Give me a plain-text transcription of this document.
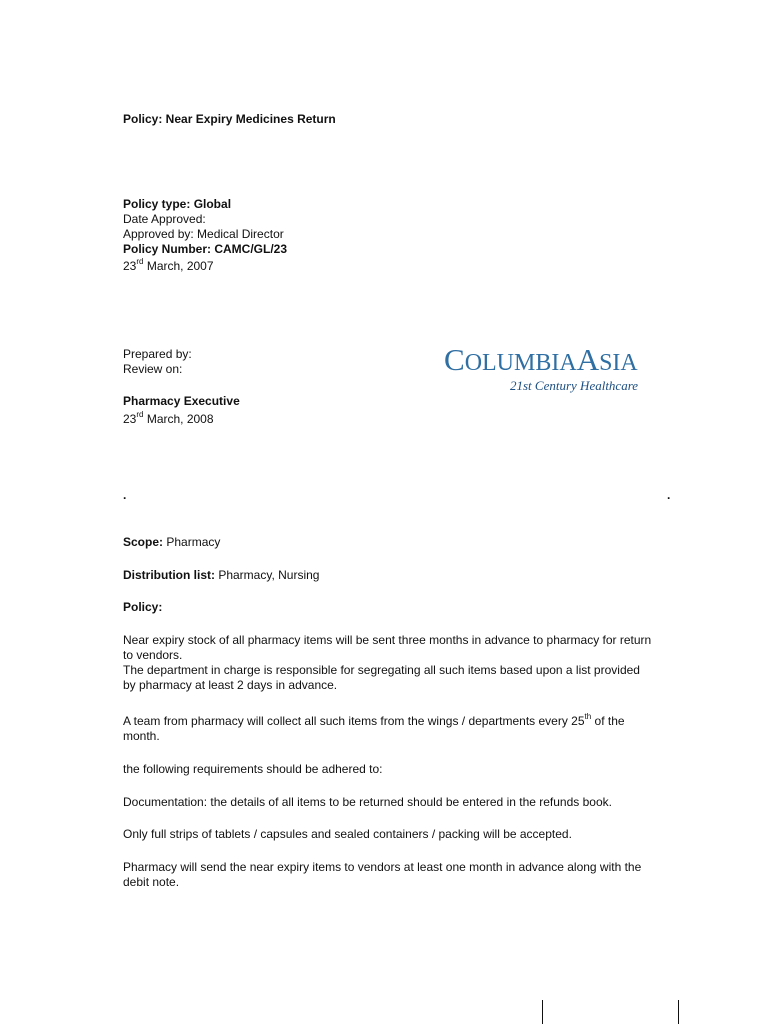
Policy: Near Expiry Medicines Return
Policy type: Global
Date Approved:
Approved by: Medical Director
Policy Number: CAMC/GL/23
23rd March, 2007
Prepared by:
Review on:	COLUMBIAASIA
21st Century Healthcare
Pharmacy Executive
23rd March, 2008
.	.
Scope: Pharmacy
Distribution list: Pharmacy, Nursing
Policy:
Near expiry stock of all pharmacy items will be sent three months in advance to pharmacy for return
to vendors.
The department in charge is responsible for segregating all such items based upon a list provided
by pharmacy at least 2 days in advance.
A team from pharmacy will collect all such items from the wings / departments every 25th of the
month.
the following requirements should be adhered to:
Documentation: the details of all items to be returned should be entered in the refunds book.
Only full strips of tablets / capsules and sealed containers / packing will be accepted.
Pharmacy will send the near expiry items to vendors at least one month in advance along with the
debit note.
